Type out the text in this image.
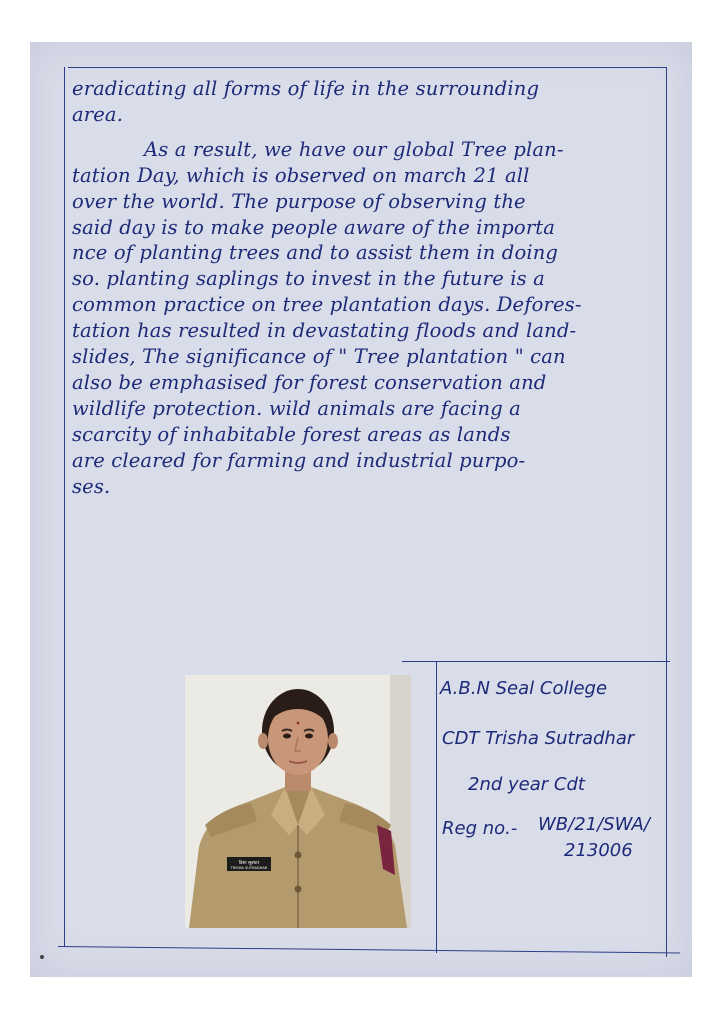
eradicating all forms of life in the surrounding
area.
As a result, we have our global Tree plan-
tation Day, which is observed on march 21 all
over the world. The purpose of observing the
said day is to make people aware of the importa
nce of planting trees and to assist them in doing
so. planting saplings to invest in the future is a
common practice on tree plantation days. Defores-
tation has resulted in devastating floods and land-
slides, The significance of " Tree plantation " can
also be emphasised for forest conservation and
wildlife protection. wild animals are facing a
scarcity of inhabitable forest areas as lands
are cleared for farming and industrial purpo-
ses.
त्रिशा सूत्रधार
TRISHA SUTRADHAR
A.B.N Seal College
CDT Trisha Sutradhar
2nd year Cdt
Reg no.- WB/21/SWA/
213006
